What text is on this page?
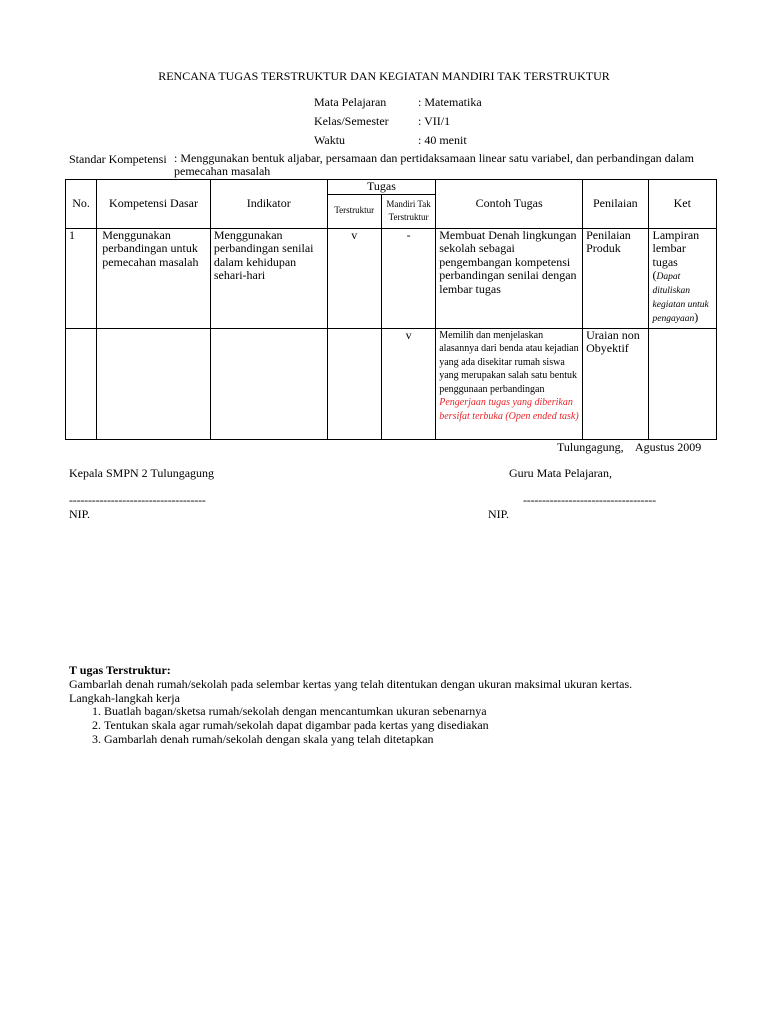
RENCANA TUGAS TERSTRUKTUR DAN KEGIATAN MANDIRI TAK TERSTRUKTUR
Mata Pelajaran	: Matematika
Kelas/Semester : VII/1
Waktu	: 40 menit
Standar Kompetensi : Menggunakan bentuk aljabar, persamaan dan pertidaksamaan linear satu variabel, dan perbandingan dalam pemecahan masalah
No.	Kompetensi Dasar	Indikator	Tugas		Contoh Tugas	Penilaian	Ket
			Terstruktur	Mandiri Tak Terstruktur			
1	Menggunakan perbandingan untuk pemecahan masalah	Menggunakan perbandingan senilai dalam kehidupan sehari-hari	v	-	Membuat Denah lingkungan sekolah sebagai pengembangan kompetensi perbandingan senilai dengan lembar tugas	Penilaian Produk	Lampiran lembar tugas
(Dapat dituliskan kegiatan untuk pengayaan)
				v	Memilih dan menjelaskan alasannya dari benda atau kejadian yang ada disekitar rumah siswa yang merupakan salah satu bentuk penggunaan perbandingan
Pengerjaan tugas yang diberikan bersifat terbuka (Open ended task)	Uraian non Obyektif	
Tulungagung,    Agustus 2009
Kepala SMPN 2 Tulungagung	Guru Mata Pelajaran,
------------------------------------	-----------------------------------
NIP.	NIP.
T ugas Terstruktur:
Gambarlah denah rumah/sekolah pada selembar kertas yang telah ditentukan dengan ukuran maksimal ukuran kertas.
Langkah-langkah kerja
1. Buatlah bagan/sketsa rumah/sekolah dengan mencantumkan ukuran sebenarnya
2. Tentukan skala agar rumah/sekolah dapat digambar pada kertas yang disediakan
3. Gambarlah denah rumah/sekolah dengan skala yang telah ditetapkan
